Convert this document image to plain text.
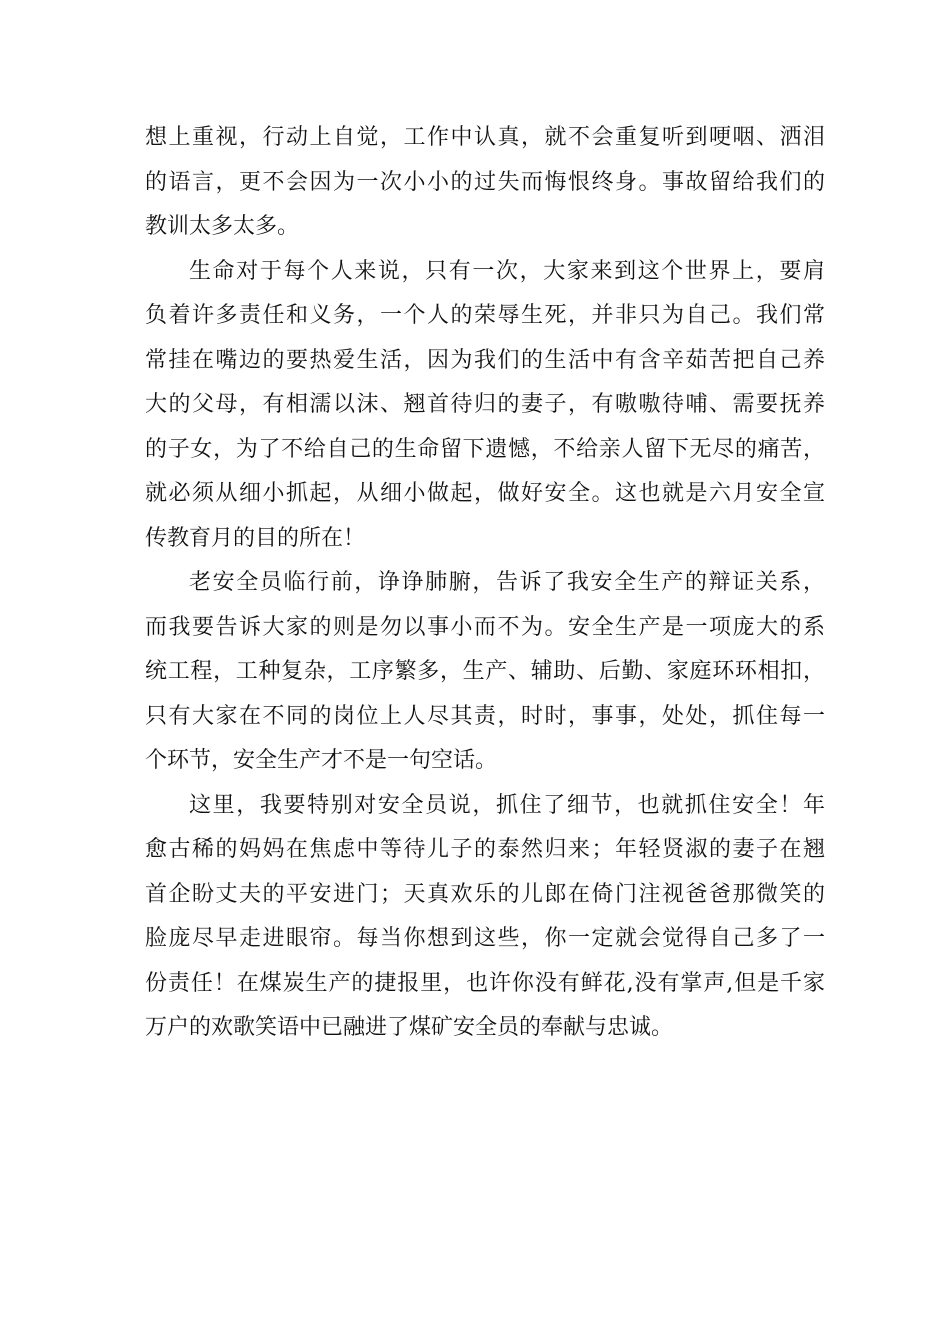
想上重视，行动上自觉，工作中认真，就不会重复听到哽咽、洒泪
的语言，更不会因为一次小小的过失而悔恨终身。事故留给我们的
教训太多太多。
生命对于每个人来说，只有一次，大家来到这个世界上，要肩
负着许多责任和义务，一个人的荣辱生死，并非只为自己。我们常
常挂在嘴边的要热爱生活，因为我们的生活中有含辛茹苦把自己养
大的父母，有相濡以沫、翘首待归的妻子，有嗷嗷待哺、需要抚养
的子女，为了不给自己的生命留下遗憾，不给亲人留下无尽的痛苦，
就必须从细小抓起，从细小做起，做好安全。这也就是六月安全宣
传教育月的目的所在！
老安全员临行前，诤诤肺腑，告诉了我安全生产的辩证关系，
而我要告诉大家的则是勿以事小而不为。安全生产是一项庞大的系
统工程，工种复杂，工序繁多，生产、辅助、后勤、家庭环环相扣，
只有大家在不同的岗位上人尽其责，时时，事事，处处，抓住每一
个环节，安全生产才不是一句空话。
这里，我要特别对安全员说，抓住了细节，也就抓住安全！年
愈古稀的妈妈在焦虑中等待儿子的泰然归来；年轻贤淑的妻子在翘
首企盼丈夫的平安进门；天真欢乐的儿郎在倚门注视爸爸那微笑的
脸庞尽早走进眼帘。每当你想到这些，你一定就会觉得自己多了一
份责任！在煤炭生产的捷报里，也许你没有鲜花,没有掌声,但是千家
万户的欢歌笑语中已融进了煤矿安全员的奉献与忠诚。
